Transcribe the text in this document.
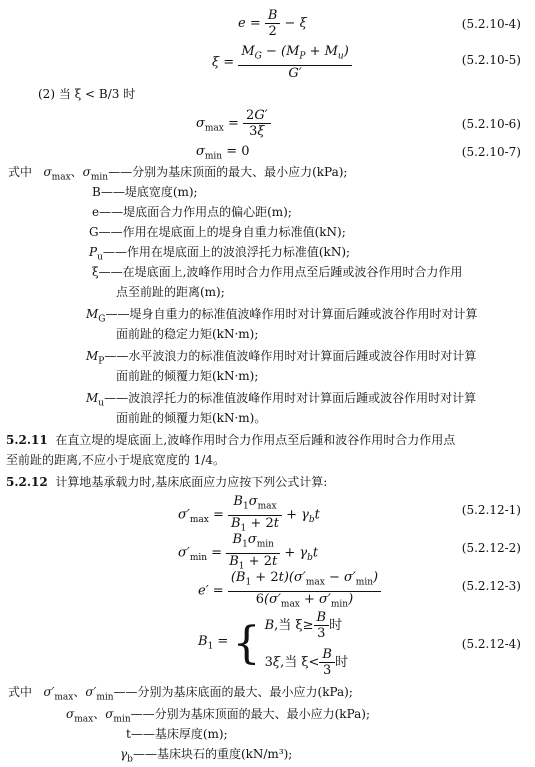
$e = \frac{B}{2} - \xi$	(5.2.10-4)
$\xi = \frac{M_G - (M_P + M_u)}{G'}$	(5.2.10-5)
(2) 当 ξ < B/3 时
$\sigma_{max} = \frac{2G'}{3\xi}$	(5.2.10-6)
$\sigma_{min} = 0$	(5.2.10-7)
式中 $\sigma_{max}$、$\sigma_{min}——$分别为基床顶面的最大、最小应力(kPa);
B——堤底宽度(m);
e——堤底面合力作用点的偏心距(m);
G——作用在堤底面上的堤身自重力标准值(kN);
$P_u——$作用在堤底面上的波浪浮托力标准值(kN);
ξ——在堤底面上,波峰作用时合力作用点至后踵或波谷作用时合力作用
点至前趾的距离(m);
$M_G——$堤身自重力的标准值波峰作用时对计算面后踵或波谷作用时对计算
面前趾的稳定力矩(kN·m);
$M_P——$水平波浪力的标准值波峰作用时对计算面后踵或波谷作用时对计算
面前趾的倾覆力矩(kN·m);
$M_u——$波浪浮托力的标准值波峰作用时对计算面后踵或波谷作用时对计算
面前趾的倾覆力矩(kN·m)。
5.2.11 在直立堤的堤底面上,波峰作用时合力作用点至后踵和波谷作用时合力作用点
至前趾的距离,不应小于堤底宽度的 1/4。
5.2.12 计算地基承载力时,基床底面应力应按下列公式计算:
$\sigma'_{max} = \frac{B_1\sigma_{max}}{B_1 + 2t} + \gamma_bt$	(5.2.12-1)
$\sigma'_{min} = \frac{B_1\sigma_{min}}{B_1 + 2t} + \gamma_bt$	(5.2.12-2)
$e' = \frac{(B_1 + 2t)(\sigma'_{max} - \sigma'_{min})}{6(\sigma'_{max} + \sigma'_{min})}$	(5.2.12-3)
$B_1$ = { B,当 $\xi\ge \frac{B}{3}$ 时
3ξ,当 $\xi< \frac{B}{3}$ 时
(5.2.12-4)
式中 $\sigma'_{max}$、$\sigma'_{min}——$分别为基床底面的最大、最小应力(kPa);
$\sigma_{max}$、$\sigma_{min}——$分别为基床顶面的最大、最小应力(kPa);
t——基床厚度(m);
$\gamma_b——$基床块石的重度(kN/m³);
